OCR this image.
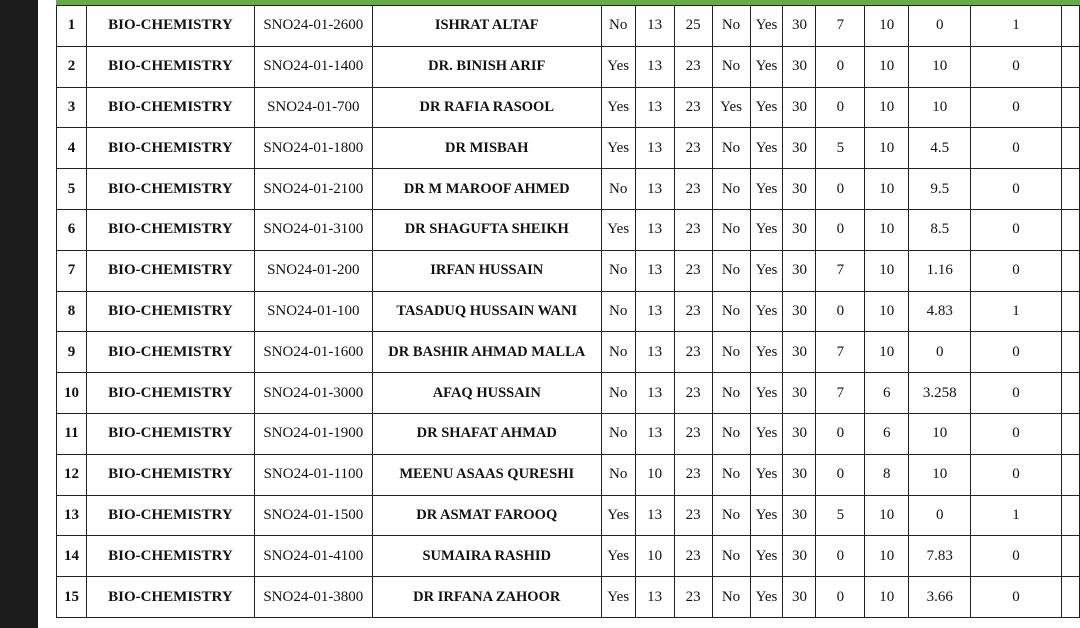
1	BIO-CHEMISTRY	SNO24-01-2600	ISHRAT ALTAF	No	13	25	No	Yes	30	7	10	0	1	
2	BIO-CHEMISTRY	SNO24-01-1400	DR. BINISH ARIF	Yes	13	23	No	Yes	30	0	10	10	0	
3	BIO-CHEMISTRY	SNO24-01-700	DR RAFIA RASOOL	Yes	13	23	Yes	Yes	30	0	10	10	0	
4	BIO-CHEMISTRY	SNO24-01-1800	DR MISBAH	Yes	13	23	No	Yes	30	5	10	4.5	0	
5	BIO-CHEMISTRY	SNO24-01-2100	DR M MAROOF AHMED	No	13	23	No	Yes	30	0	10	9.5	0	
6	BIO-CHEMISTRY	SNO24-01-3100	DR SHAGUFTA SHEIKH	Yes	13	23	No	Yes	30	0	10	8.5	0	
7	BIO-CHEMISTRY	SNO24-01-200	IRFAN HUSSAIN	No	13	23	No	Yes	30	7	10	1.16	0	
8	BIO-CHEMISTRY	SNO24-01-100	TASADUQ HUSSAIN WANI	No	13	23	No	Yes	30	0	10	4.83	1	
9	BIO-CHEMISTRY	SNO24-01-1600	DR BASHIR AHMAD MALLA	No	13	23	No	Yes	30	7	10	0	0	
10	BIO-CHEMISTRY	SNO24-01-3000	AFAQ HUSSAIN	No	13	23	No	Yes	30	7	6	3.258	0	
11	BIO-CHEMISTRY	SNO24-01-1900	DR SHAFAT AHMAD	No	13	23	No	Yes	30	0	6	10	0	
12	BIO-CHEMISTRY	SNO24-01-1100	MEENU ASAAS QURESHI	No	10	23	No	Yes	30	0	8	10	0	
13	BIO-CHEMISTRY	SNO24-01-1500	DR ASMAT FAROOQ	Yes	13	23	No	Yes	30	5	10	0	1	
14	BIO-CHEMISTRY	SNO24-01-4100	SUMAIRA RASHID	Yes	10	23	No	Yes	30	0	10	7.83	0	
15	BIO-CHEMISTRY	SNO24-01-3800	DR IRFANA ZAHOOR	Yes	13	23	No	Yes	30	0	10	3.66	0	
